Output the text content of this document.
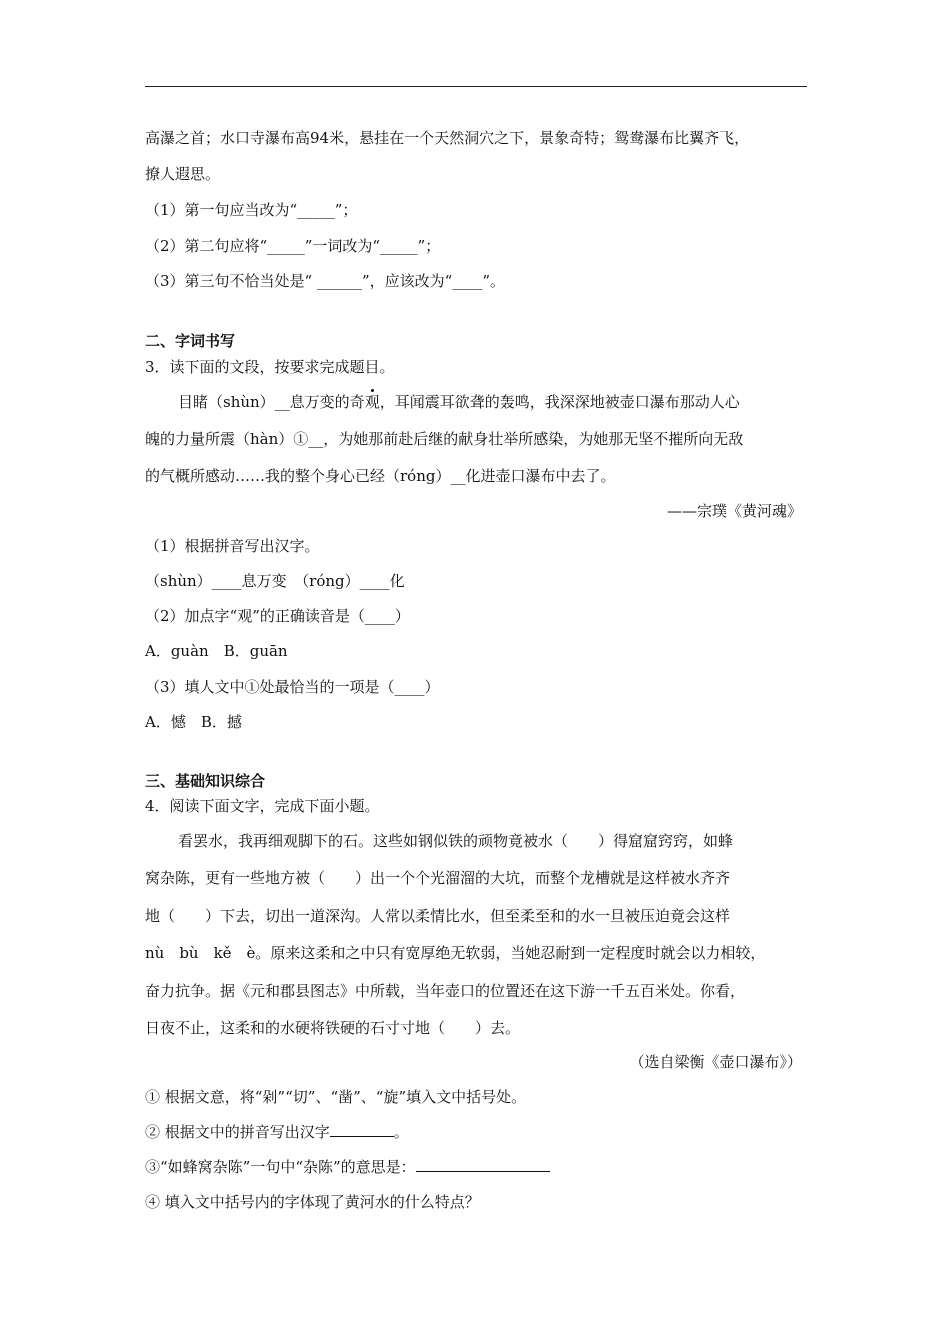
高瀑之首；水口寺瀑布高94米，悬挂在一个天然洞穴之下，景象奇特；鸳鸯瀑布比翼齐飞，
撩人遐思。
（1）第一句应当改为“_____”；
（2）第二句应将“_____”一词改为“_____”；
（3）第三句不恰当处是“ ______”，应该改为“____”。
二、字词书写
3．读下面的文段，按要求完成题目。
目睹（shùn）__息万变的奇观，耳闻震耳欲聋的轰鸣，我深深地被壶口瀑布那动人心
魄的力量所震（hàn）①__，为她那前赴后继的献身壮举所感染，为她那无坚不摧所向无敌
的气概所感动……我的整个身心已经（róng）__化进壶口瀑布中去了。
——宗璞《黄河魂》
（1）根据拼音写出汉字。
（shùn）____息万变　（róng）____化
（2）加点字“观”的正确读音是（____）
A．guàn　B．guān
（3）填人文中①处最恰当的一项是（____）
A．憾　B．撼
三、基础知识综合
4．阅读下面文字，完成下面小题。
看罢水，我再细观脚下的石。这些如钢似铁的顽物竟被水（　　）得窟窟窍窍，如蜂
窝杂陈，更有一些地方被（　　）出一个个光溜溜的大坑，而整个龙槽就是这样被水齐齐
地（　　）下去，切出一道深沟。人常以柔情比水，但至柔至和的水一旦被压迫竟会这样
nù　bù　kě　è。原来这柔和之中只有宽厚绝无软弱，当她忍耐到一定程度时就会以力相较，
奋力抗争。据《元和郡县图志》中所载，当年壶口的位置还在这下游一千五百米处。你看，
日夜不止，这柔和的水硬将铁硬的石寸寸地（　　）去。
（选自梁衡《壶口瀑布》）
① 根据文意，将“剁”“切”、“凿”、“旋”填入文中括号处。
② 根据文中的拼音写出汉字	。
③“如蜂窝杂陈”一句中“杂陈”的意思是：
④ 填入文中括号内的字体现了黄河水的什么特点？
